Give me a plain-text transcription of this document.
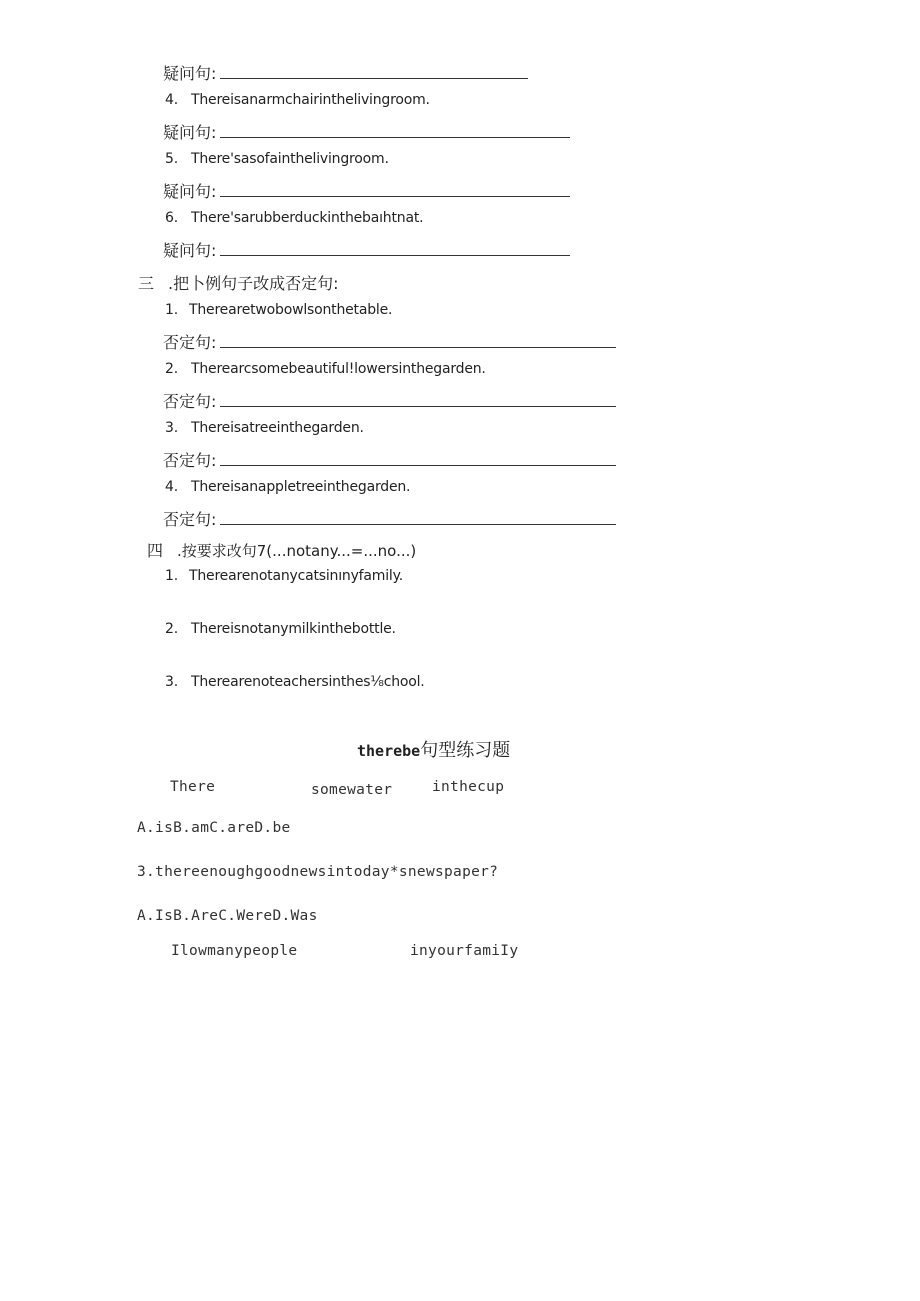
疑问句:
4. Thereisanarmchairinthelivingroom.
疑问句:
5. There'sasofainthelivingroom.
疑问句:
6. There'sarubberduckinthebaıhtnat.
疑问句:
三 .把卜例句子改成否定句:
1. Therearetwobowlsonthetable.
否定句:
2. Therearcsomebeautiful!lowersinthegarden.
否定句:
3. Thereisatreeinthegarden.
否定句:
4. Thereisanappletreeinthegarden.
否定句:
四 .按要求改句7(...notany...=...no...)
1. Therearenotanycatsinınyfamily.
2. Thereisnotanymilkinthebottle.
3. Therearenoteachersinthes⅛chool.
therebe句型练习题
There	somewater	inthecup
A.isB.amC.areD.be
3.thereenoughgoodnewsintoday*snewspaper?
A.IsB.AreC.WereD.Was
Ilowmanypeople	inyourfamiIy
